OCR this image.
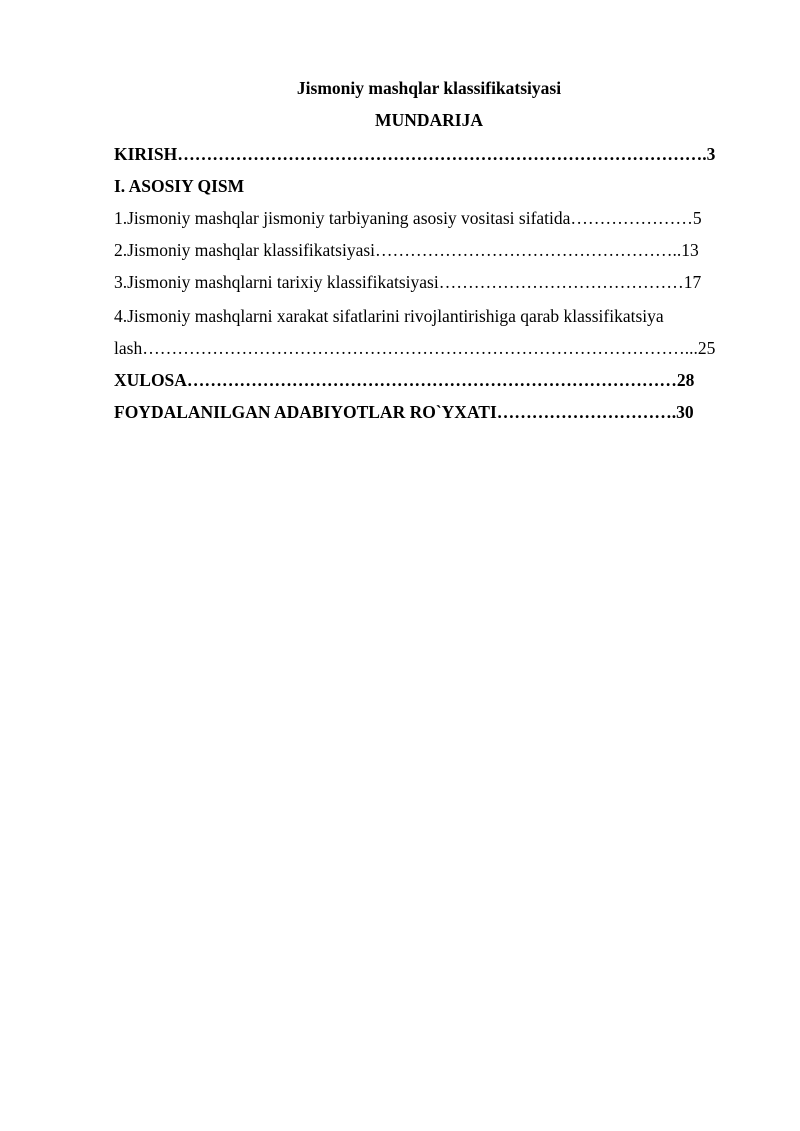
Jismoniy mashqlar klassifikatsiyasi
MUNDARIJA
KIRISH……………………………………………………………………………….3
I. ASOSIY QISM
1.Jismoniy mashqlar jismoniy tarbiyaning asosiy vositasi sifatida…………………5
2.Jismoniy mashqlar klassifikatsiyasi……………………………………………..13
3.Jismoniy mashqlarni tarixiy klassifikatsiyasi……………………………………17
4.Jismoniy mashqlarni xarakat sifatlarini rivojlantirishiga qarab klassifikatsiya
lash…………………………………………………………………………………...25
XULOSA…………………………………………………………………………28
FOYDALANILGAN ADABIYOTLAR RO`YXATI………………………….30
